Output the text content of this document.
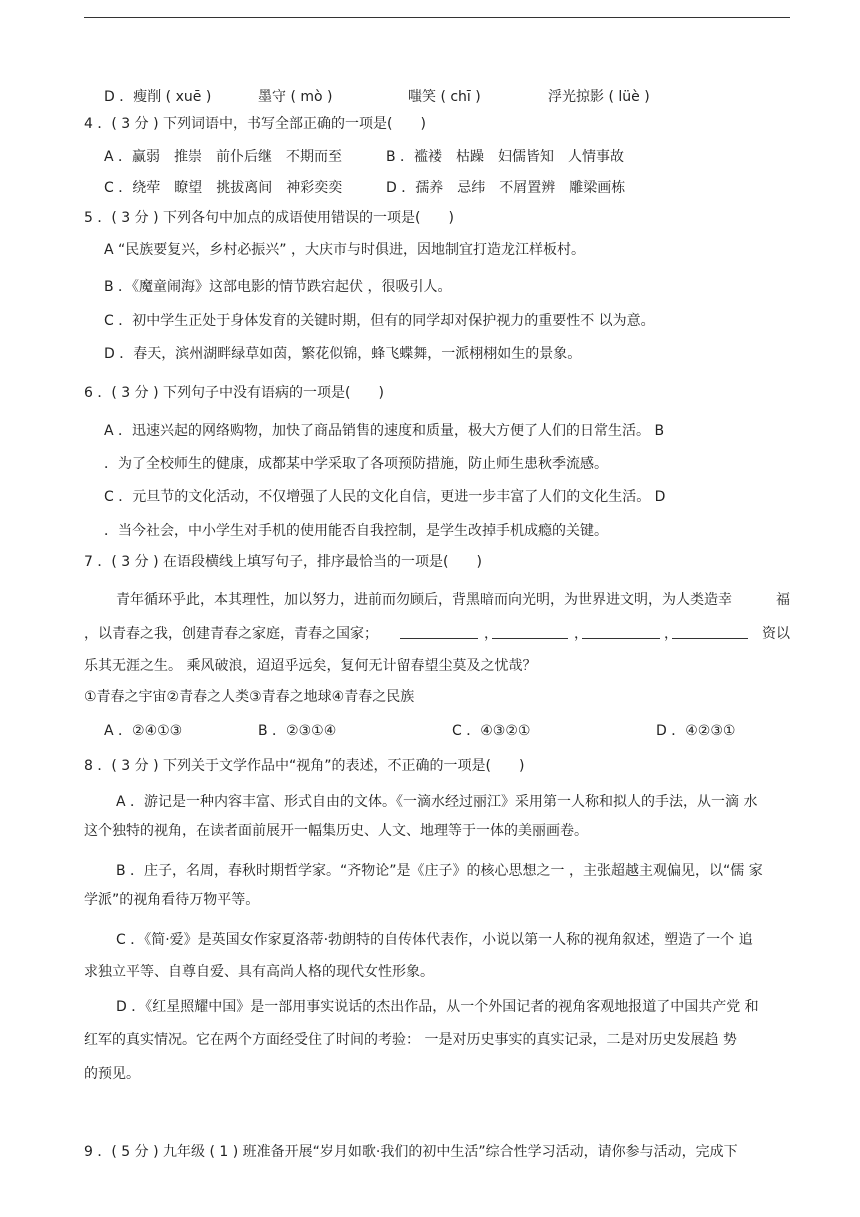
D ．瘦削 ( xuē )	墨守 ( mò )	嗤笑 ( chī )	浮光掠影 ( lüè )
4 ．( 3 分 ) 下列词语中，书写全部正确的一项是(　　)
A ．赢弱　推崇　前仆后继　不期而至	B ．褴褛　枯躁　妇儒皆知　人情事故
C ．绕荦　瞭望　挑拔离间　神彩奕奕	D ．孺养　忌纬　不屑置辨　雕梁画栋
5 ．( 3 分 ) 下列各句中加点的成语使用错误的一项是(　　)
A “民族要复兴，乡村必振兴” ，大庆市与时俱进，因地制宜打造龙江样板村。
B ．《魔童闹海》这部电影的情节跌宕起伏 ，很吸引人。
C ．初中学生正处于身体发育的关键时期，但有的同学却对保护视力的重要性不 以为意。
D ．春天，滨州湖畔绿草如茵，繁花似锦，蜂飞蝶舞，一派栩栩如生的景象。
6 ．( 3 分 ) 下列句子中没有语病的一项是(　　)
A ．迅速兴起的网络购物，加快了商品销售的速度和质量，极大方便了人们的日常生活。 B
．为了全校师生的健康，成都某中学采取了各项预防措施，防止师生患秋季流感。
C ．元旦节的文化活动，不仅增强了人民的文化自信，更进一步丰富了人们的文化生活。 D
．当今社会，中小学生对手机的使用能否自我控制，是学生改掉手机成瘾的关键。
7 ．( 3 分 ) 在语段横线上填写句子，排序最恰当的一项是(　　)
青年循环乎此，本其理性，加以努力，进前而勿顾后，背黑暗而向光明，为世界进文明，为人类造幸	福
，以青春之我，创建青春之家庭，青春之国家；	，	，	，	资以
乐其无涯之生。 乘风破浪，迢迢乎远矣，复何无计留春望尘莫及之忧哉？
①青春之宇宙②青春之人类③青春之地球④青春之民族
A ．②④①③	B ．②③①④	C ．④③②①	D ．④②③①
8 ．( 3 分 ) 下列关于文学作品中“视角”的表述，不正确的一项是(　　)
A ．游记是一种内容丰富、形式自由的文体。《一滴水经过丽江》采用第一人称和拟人的手法，从一滴 水
这个独特的视角，在读者面前展开一幅集历史、人文、地理等于一体的美丽画卷。
B ．庄子，名周，春秋时期哲学家。“齐物论”是《庄子》的核心思想之一 ，主张超越主观偏见，以“儒 家
学派”的视角看待万物平等。
C ．《简·爱》是英国女作家夏洛蒂·勃朗特的自传体代表作，小说以第一人称的视角叙述，塑造了一个 追
求独立平等、自尊自爱、具有高尚人格的现代女性形象。
D ．《红星照耀中国》是一部用事实说话的杰出作品，从一个外国记者的视角客观地报道了中国共产党 和
红军的真实情况。它在两个方面经受住了时间的考验： 一是对历史事实的真实记录，二是对历史发展趋 势
的预见。
9 ．( 5 分 ) 九年级 ( 1 ) 班准备开展“岁月如歌·我们的初中生活”综合性学习活动，请你参与活动，完成下
